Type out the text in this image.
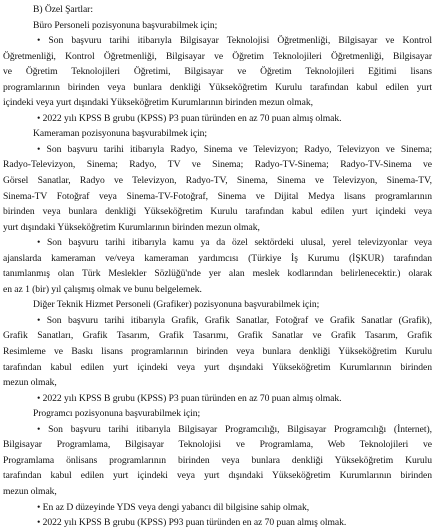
B) Özel Şartlar:
Büro Personeli pozisyonuna başvurabilmek için;
• Son başvuru tarihi itibarıyla Bilgisayar Teknolojisi Öğretmenliği, Bilgisayar ve Kontrol
Öğretmenliği, Kontrol Öğretmenliği, Bilgisayar ve Öğretim Teknolojileri Öğretmenliği, Bilgisayar
ve Öğretim Teknolojileri Öğretimi, Bilgisayar ve Öğretim Teknolojileri Eğitimi lisans
programlarının birinden veya bunlara denkliği Yükseköğretim Kurulu tarafından kabul edilen yurt
içindeki veya yurt dışındaki Yükseköğretim Kurumlarının birinden mezun olmak,
• 2022 yılı KPSS B grubu (KPSS) P3 puan türünden en az 70 puan almış olmak.
Kameraman pozisyonuna başvurabilmek için;
• Son başvuru tarihi itibarıyla Radyo, Sinema ve Televizyon; Radyo, Televizyon ve Sinema;
Radyo-Televizyon, Sinema; Radyo, TV ve Sinema; Radyo-TV-Sinema; Radyo-TV-Sinema ve
Görsel Sanatlar, Radyo ve Televizyon, Radyo-TV, Sinema, Sinema ve Televizyon, Sinema-TV,
Sinema-TV Fotoğraf veya Sinema-TV-Fotoğraf, Sinema ve Dijital Medya lisans programlarının
birinden veya bunlara denkliği Yükseköğretim Kurulu tarafından kabul edilen yurt içindeki veya
yurt dışındaki Yükseköğretim Kurumlarının birinden mezun olmak,
• Son başvuru tarihi itibarıyla kamu ya da özel sektördeki ulusal, yerel televizyonlar veya
ajanslarda kameraman ve/veya kameraman yardımcısı (Türkiye İş Kurumu (İŞKUR) tarafından
tanımlanmış olan Türk Meslekler Sözlüğü'nde yer alan meslek kodlarından belirlenecektir.) olarak
en az 1 (bir) yıl çalışmış olmak ve bunu belgelemek.
Diğer Teknik Hizmet Personeli (Grafiker) pozisyonuna başvurabilmek için;
• Son başvuru tarihi itibarıyla Grafik, Grafik Sanatlar, Fotoğraf ve Grafik Sanatlar (Grafik),
Grafik Sanatları, Grafik Tasarım, Grafik Tasarımı, Grafik Sanatlar ve Grafik Tasarım, Grafik
Resimleme ve Baskı lisans programlarının birinden veya bunlara denkliği Yükseköğretim Kurulu
tarafından kabul edilen yurt içindeki veya yurt dışındaki Yükseköğretim Kurumlarının birinden
mezun olmak,
• 2022 yılı KPSS B grubu (KPSS) P3 puan türünden en az 70 puan almış olmak.
Programcı pozisyonuna başvurabilmek için;
• Son başvuru tarihi itibarıyla Bilgisayar Programcılığı, Bilgisayar Programcılığı (İnternet),
Bilgisayar Programlama, Bilgisayar Teknolojisi ve Programlama, Web Teknolojileri ve
Programlama önlisans programlarının birinden veya bunlara denkliği Yükseköğretim Kurulu
tarafından kabul edilen yurt içindeki veya yurt dışındaki Yükseköğretim Kurumlarının birinden
mezun olmak,
• En az D düzeyinde YDS veya dengi yabancı dil bilgisine sahip olmak,
• 2022 yılı KPSS B grubu (KPSS) P93 puan türünden en az 70 puan almış olmak.
